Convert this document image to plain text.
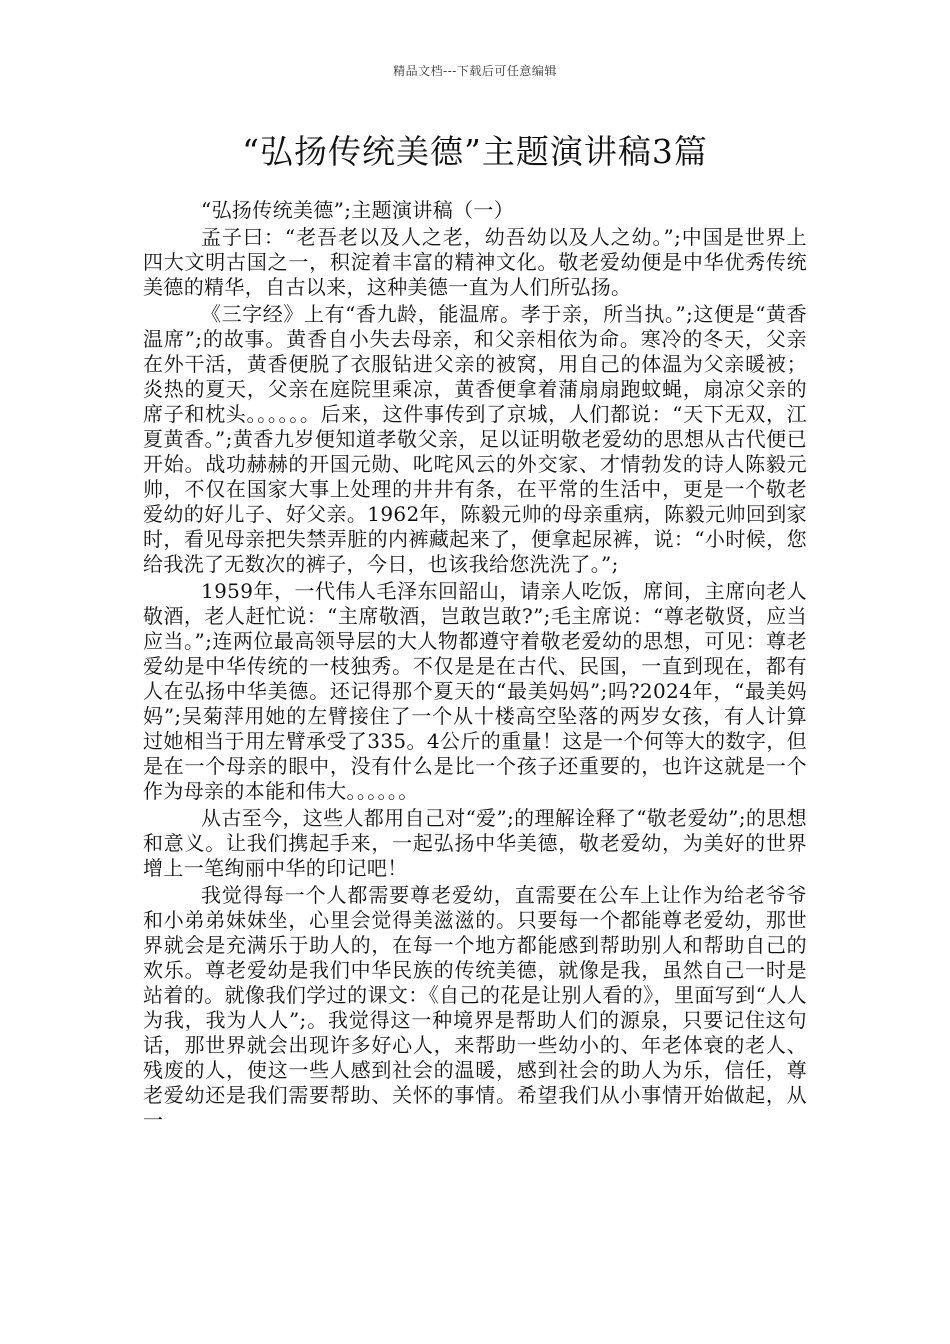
精品文档---下载后可任意编辑
“弘扬传统美德”主题演讲稿3篇

“弘扬传统美德”;主题演讲稿（一）

孟子曰：“老吾老以及人之老，幼吾幼以及人之幼。”;中国是世界上四大文明古国之一，积淀着丰富的精神文化。敬老爱幼便是中华优秀传统美德的精华，自古以来，这种美德一直为人们所弘扬。

《三字经》上有“香九龄，能温席。孝于亲，所当执。”;这便是“黄香温席”;的故事。黄香自小失去母亲，和父亲相依为命。寒冷的冬天，父亲在外干活，黄香便脱了衣服钻进父亲的被窝，用自己的体温为父亲暖被；炎热的夏天，父亲在庭院里乘凉，黄香便拿着蒲扇扇跑蚊蝇，扇凉父亲的席子和枕头。。。。。。后来，这件事传到了京城，人们都说：“天下无双，江夏黄香。”;黄香九岁便知道孝敬父亲，足以证明敬老爱幼的思想从古代便已开始。战功赫赫的开国元勋、叱咤风云的外交家、才情勃发的诗人陈毅元帅，不仅在国家大事上处理的井井有条，在平常的生活中，更是一个敬老爱幼的好儿子、好父亲。1962年，陈毅元帅的母亲重病，陈毅元帅回到家时，看见母亲把失禁弄脏的内裤藏起来了，便拿起尿裤，说：“小时候，您给我洗了无数次的裤子，今日，也该我给您洗洗了。”;

1959年，一代伟人毛泽东回韶山，请亲人吃饭，席间，主席向老人敬酒，老人赶忙说：“主席敬酒，岂敢岂敢?”;毛主席说：“尊老敬贤，应当应当。”;连两位最高领导层的大人物都遵守着敬老爱幼的思想，可见：尊老爱幼是中华传统的一枝独秀。不仅是是在古代、民国，一直到现在，都有人在弘扬中华美德。还记得那个夏天的“最美妈妈”;吗?2024年，“最美妈妈”;吴菊萍用她的左臂接住了一个从十楼高空坠落的两岁女孩，有人计算过她相当于用左臂承受了335。4公斤的重量！这是一个何等大的数字，但是在一个母亲的眼中，没有什么是比一个孩子还重要的，也许这就是一个作为母亲的本能和伟大。。。。。。

从古至今，这些人都用自己对“爱”;的理解诠释了“敬老爱幼”;的思想和意义。让我们携起手来，一起弘扬中华美德，敬老爱幼，为美好的世界增上一笔绚丽中华的印记吧！

我觉得每一个人都需要尊老爱幼，直需要在公车上让作为给老爷爷和小弟弟妹妹坐，心里会觉得美滋滋的。只要每一个都能尊老爱幼，那世界就会是充满乐于助人的，在每一个地方都能感到帮助别人和帮助自己的欢乐。尊老爱幼是我们中华民族的传统美德，就像是我，虽然自己一时是站着的。就像我们学过的课文：《自己的花是让别人看的》，里面写到“人人为我，我为人人”;。我觉得这一种境界是帮助人们的源泉，只要记住这句话，那世界就会出现许多好心人，来帮助一些幼小的、年老体衰的老人、残废的人，使这一些人感到社会的温暖，感到社会的助人为乐，信任，尊老爱幼还是我们需要帮助、关怀的事情。希望我们从小事情开始做起，从一
